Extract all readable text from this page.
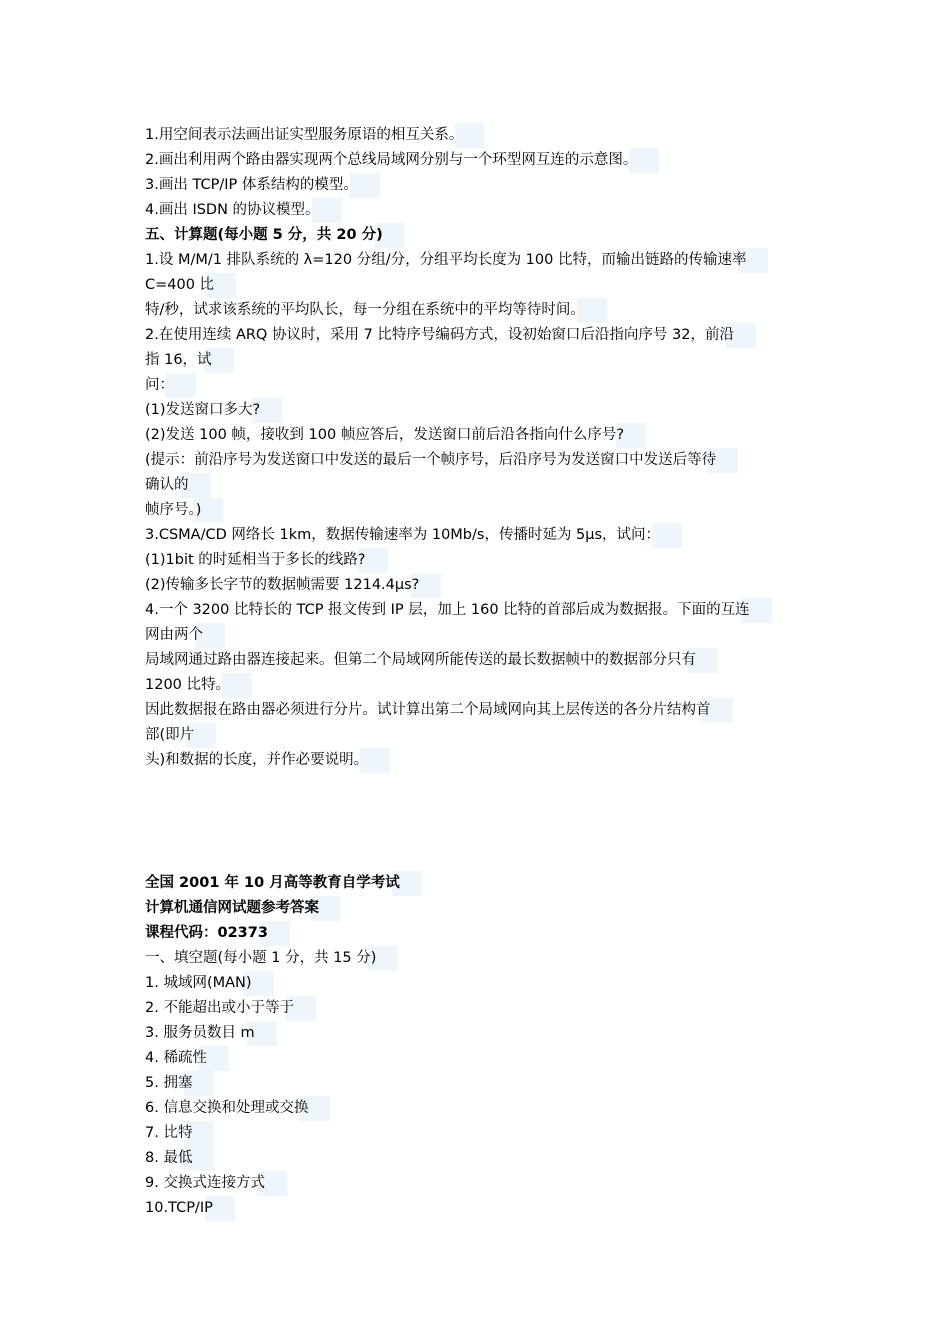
1.用空间表示法画出证实型服务原语的相互关系。
2.画出利用两个路由器实现两个总线局域网分别与一个环型网互连的示意图。
3.画出 TCP/IP 体系结构的模型。
4.画出 ISDN 的协议模型。
五、计算题(每小题 5 分，共 20 分)
1.设 M/M/1 排队系统的 λ=120 分组/分，分组平均长度为 100 比特，而输出链路的传输速率
C=400 比
特/秒，试求该系统的平均队长，每一分组在系统中的平均等待时间。
2.在使用连续 ARQ 协议时，采用 7 比特序号编码方式，设初始窗口后沿指向序号 32，前沿
指 16，试
问：
(1)发送窗口多大?
(2)发送 100 帧，接收到 100 帧应答后，发送窗口前后沿各指向什么序号?
(提示：前沿序号为发送窗口中发送的最后一个帧序号，后沿序号为发送窗口中发送后等待
确认的
帧序号。)
3.CSMA/CD 网络长 1km，数据传输速率为 10Mb/s，传播时延为 5μs，试问：
(1)1bit 的时延相当于多长的线路?
(2)传输多长字节的数据帧需要 1214.4μs?
4.一个 3200 比特长的 TCP 报文传到 IP 层，加上 160 比特的首部后成为数据报。下面的互连
网由两个
局域网通过路由器连接起来。但第二个局域网所能传送的最长数据帧中的数据部分只有
1200 比特。
因此数据报在路由器必须进行分片。试计算出第二个局域网向其上层传送的各分片结构首
部(即片
头)和数据的长度，并作必要说明。
全国 2001 年 10 月高等教育自学考试
计算机通信网试题参考答案
课程代码：02373
一、填空题(每小题 1 分，共 15 分)
1. 城域网(MAN)
2. 不能超出或小于等于
3. 服务员数目 m
4. 稀疏性
5. 拥塞
6. 信息交换和处理或交换
7. 比特
8. 最低
9. 交换式连接方式
10.TCP/IP
